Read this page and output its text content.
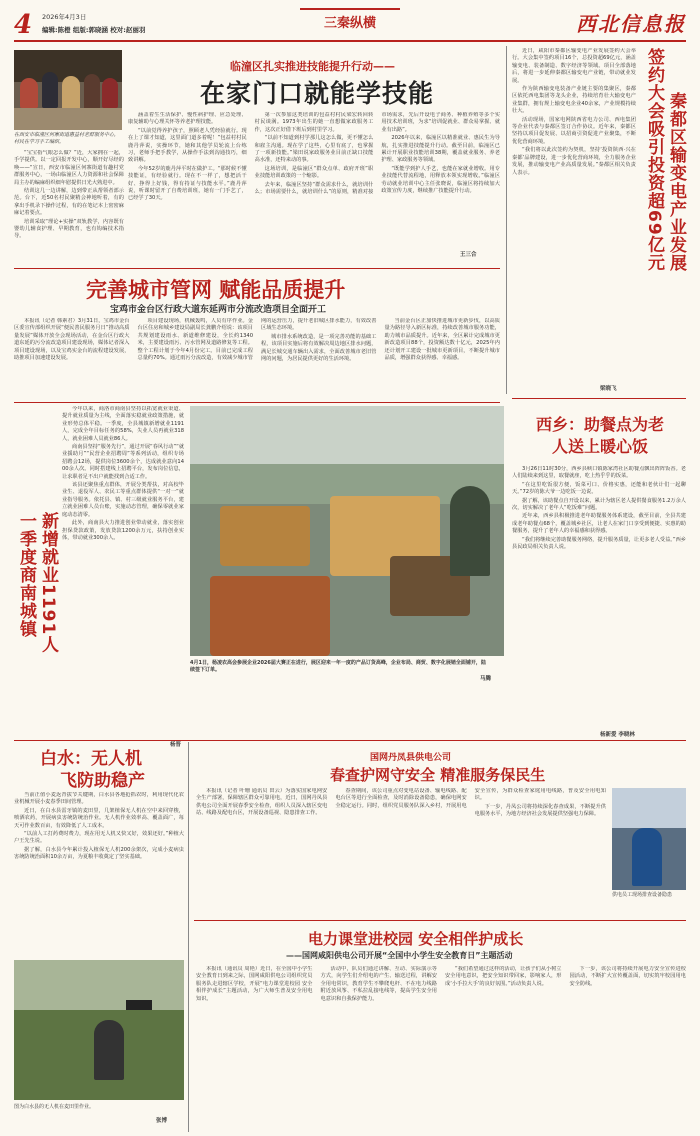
4 2026年4月3日
编辑:陈橙 组版:郭晓涵 校对:赵丽羽	三秦纵横	西北信息报
临潼区扎实推进技能提升行动——
在家门口就能学技能
在西安市临潼区何寨街道惠益村老群服务中心，村民在学习手工编织。

“宝宝指气眼怎么做？”近，大家拥在一起，手学提供。以一定回报开发中心，顺开好尽经的唤——“宣日，西安市临潼区何寨街道有趣村党群服务中心，一场由临潼区人力资源和社会保障局主办的编麻组织细年慰提供日光大熟进中。

结训这几一边讲解，边到带正从帮领者部示范。台下，近50名村民聚精会神地听着，有的拿出手机录下操作过程，有的在笔记本上密密麻麻记着要点。

培训采取“理论+实操”双轨教学，内容既有婴幼儿辅食护理、早期教育，也有钩编技术指导。

涵盖着生生活保护、慢性病护理、应急处理、康复辅助与心理关怀等养老护理技能。

“以前觉得养护孩子，照顾老人凭经验就行。现在上了课才知道，这里面门道多着呢！”包益村村民鹿丹萍说，实操环节，她和其他学员轮流上台练习，老师手把手教学，从操作手法到沟通技巧，细致讲解。

今年52岁的鹿丹萍平时在做护工。“那时候不懂技能证，有经验就行。现在不一样了，想把活干好、挣得上好钱，得有持证与技能水平。”鹿丹萍说，听课时留开了自费培训班，她有一门手艺了，已经学了30天。

第一次参加这类培训的包益村村民梁宏转回转村民谈满。1973年出生的她一直想做家政服务工作，这次正好借下班后到村里学习。

“以前不知道到村学那儿这怎么做，更不懂怎么和雇主沟通。现在学了这些，心里有底了，也掌握了一项新技能。”梁田说家政服务业目前正缺口技能高水准，还特来动的事。

这场培训，是临潼区“群众点单、政府开班”职业技能培训政策的一个缩影。

去年来，临潼区坚持“群众需求什么，就培训什么；市场需要什么，就培训什么”的原则，精准对接市场需求，先后开设电子商务、种植养殖等多个实用技术培训班，为求“培训促就业、群众易掌握、就业有出路”。

2026年以来，临潼区以精准就业、惠民生为导航，扎实推进技能提升行动。截至目前，临潼区已累计开展职业技能培训38期，覆盖就业服务、养老护理、家政服务等领域。

“既能学到护人手艺，也能在家就业增收。用专业技能代替流程地，用释放本领实现增收。”临潼区劳动就业培训中心主任张晓说，临潼区将持续加大政策宣传力度，继续推广技能提升行动。

王三合

近日，咸阳市秦都区输变电产业发展签约大会举行。大会集中签约项目16个，总投资超69亿元，涵盖输变电、装备制造、数字经济等领域。项目全部落地后，将进一步延伸秦都区输变电产业链，带动就业发展。

作为陕西输变电装备产业链主要的集聚区，秦都区依托西电集团等龙头企业，持续培育壮大输变电产业集群，拥有规上输变电企业40余家，产业规模持续壮大。

活动现场，国家电网陕西省电力公司、西电集团等企业代表与秦都区签订合作协议。近年来，秦都区坚持以项目促发展、以招商引资促进产业聚集，不断优化营商环境。

“我们将以此次签约为契机，坚持‘投资陕西·兴在秦都’品牌建设，进一步优化营商环境，全力服务企业发展，推动输变电产业高质量发展。”秦都区相关负责人表示。

梁晓飞
签约大会吸引投资超69亿元 秦都区输变电产业发展
完善城市管网 赋能品质提升
宝鸡市金台区行政大道东延两市分流改造项目全面开工

本报讯（记者 韩素君）3月31日，宝鸡市金台区委宣传部组织开展“便民善民服务月日”推动高质量发展”媒体开放全会现场活动，在金台区行政大道东延的污分流改造项目建设现场，媒体记者深入项目建设现场，以及宝鸡实金台的流程建设发展，助推项目加速建设发展。

项目建设现场，机械轰鸣，人员有序作业。金台区住房和城乡建设局副局长龚鹏介绍说：该项目共规划建设雨水、新道维修建设，全长约1340米，主要建设雨污、污水管网及道路修复等工程。整个工程计划于今年4月份完工。目前已完成工程总量约70%。通过雨污分流改造，有效减少城市管网的运营压力，提升老旧城区排水能力，有效改善区域生态环境。

城市排水系统改造，是一项完善功能的基础工程，该项目实施后将有效解决周边地区排水问题，满足长城交通车辆出入需求，全面改善城市老旧管网的问题，为居民提供更好的生活环境。

当前金台区正加快推进城市更新步伐，以高质量为路径导入新区标准，持续改善城市服务功能，助力城市品质提升。近年来，全区累计完成城市更新改造项目88个，投资额达数十亿元，2025年内还计划开工建设一批城市更新项目，不断提升城市品质，增强群众获得感、幸福感。

西乡：助餐点为老人送上暖心饭

3月26日11时30分，西乡县峡口镇陈家湾社区助餐点飘出阵阵饭香。老人们陆续来到这里，取餐就座，吃上热乎乎的饭菜。

“在这里吃饭很方便，饭菜可口、价格实惠，还能和老伙计们一起聊天。”72岁的陈大爷一边吃饭一边说。

据了解，该助餐点自开设以来，累计为辖区老人提供餐食服务1.2万余人次，切实解决了老年人“吃饭难”问题。

近年来，西乡县积极推进老年助餐服务体系建设，截至目前，全县共建成老年助餐点68个，覆盖城乡社区，让老人在家门口享受到便捷、实惠的助餐服务，提升了老年人的幸福感和获得感。

“我们将继续完善助餐服务网络，提升服务质量，让更多老人受益。”西乡县民政局相关负责人说。

杨新爱 李晓林
新增就业1191人
一季度商南城镇

今年以来，商洛市商南县坚持以拓宽就业渠道、提升就业质量为主线，全面落实稳就业政策措施，就业形势总体平稳。一季度，全县城镇新增就业1191人，完成全年目标任务的58%，失业人员再就业318人，就业困难人员就业86人。

商南县坚持“服务先行”，通过开展“春风行动”“就业援助月”“民营企业招聘周”等系列活动，组织专场招聘会12场，提供岗位3600余个，达成就业意向1400余人次。同时搭建线上招聘平台，发布岗位信息，让求职者足不出户就能找到合适工作。

该县还聚焦重点群体，开展分类帮扶，对高校毕业生、退役军人、农民工等重点群体提供“一对一”就业指导服务。依托县、镇、村三级就业服务平台，建立就业困难人员台账，实施动态管理，确保零就业家庭动态清零。

此外，商南县大力推进创业带动就业，落实创业担保贷款政策，发放贷款1200余万元，扶持创业实体，带动就业300余人。

杨晋
4月1日，杨凌农高会参展企业2026届大赛正在进行，展区迎来一年一度的产品订货高峰，企业布局、商贸、数字化展销全面铺开，陆续签下订单。
马腾
白水：无人机
飞防助稳产

当前正值小麦返青拔节关键期，白水县各地抢抓农时，利用现代化农业机械开展小麦春季田间管理。

近日，在白水县雷牙镇的麦田里，几架植保无人机在空中来回穿梭，喷洒农药，开展病虫害统防统治作业。无人机作业效率高、覆盖面广，每天可作业数百亩，有效降低了人工成本。

“以前人工打药费时费力，现在用无人机又快又好，效果还好。”种植大户王先生说。

据了解，白水县今年累计投入植保无人机200余架次，完成小麦病虫害统防统治面积10余万亩，为夏粮丰收奠定了坚实基础。

图为白水县的无人机在麦田里作业。
张博
国网丹凤县供电公司
春查护网守安全 精准服务保民生

本报讯（记者 叶珊 通讯员 田云）为落实国家电网安全生产部署，保障辖区群众可靠用电，近日，国网丹凤县供电公司全面开展春季安全检查，组织人员深入辖区变电站、线路及配电台区，开展设备巡视、隐患排查工作。

春查期间，该公司重点对变电站设备、输电线路、配电台区等进行全面检查，及时消除设备隐患，确保电网安全稳定运行。同时，组织党员服务队深入乡村，开展用电安全宣传，为群众检查家庭用电线路，普及安全用电知识。

下一步，丹凤公司将持续深化春查成果，不断提升供电服务水平，为地方经济社会发展提供坚强电力保障。

供电员工现场排查设备隐患
电力课堂进校园 安全相伴护成长
——国网咸阳供电公司开展“全国中小学生安全教育日”主题活动

本报讯（通讯员 周艳）近日，在全国中小学生安全教育日到来之际，国网咸阳供电公司组织党员服务队走进辖区学校，开展“电力课堂进校园 安全相伴护成长”主题活动，为广大师生普及安全用电知识。

活动中，队员们通过讲解、互动、实际演示等方式，向学生们介绍电的产生、输送过程，讲解安全用电常识，教育学生不攀爬电杆、不在电力线路附近放风筝、不私拉乱接电线等，提高学生安全用电意识和自我保护能力。

“我们希望通过这样的活动，让孩子们从小树立安全用电意识，把安全知识带回家，影响家人，形成‘小手拉大手’的良好氛围。”活动负责人说。

下一步，该公司将持续开展电力安全宣传进校园活动，不断扩大宣传覆盖面，切实筑牢校园用电安全防线。
